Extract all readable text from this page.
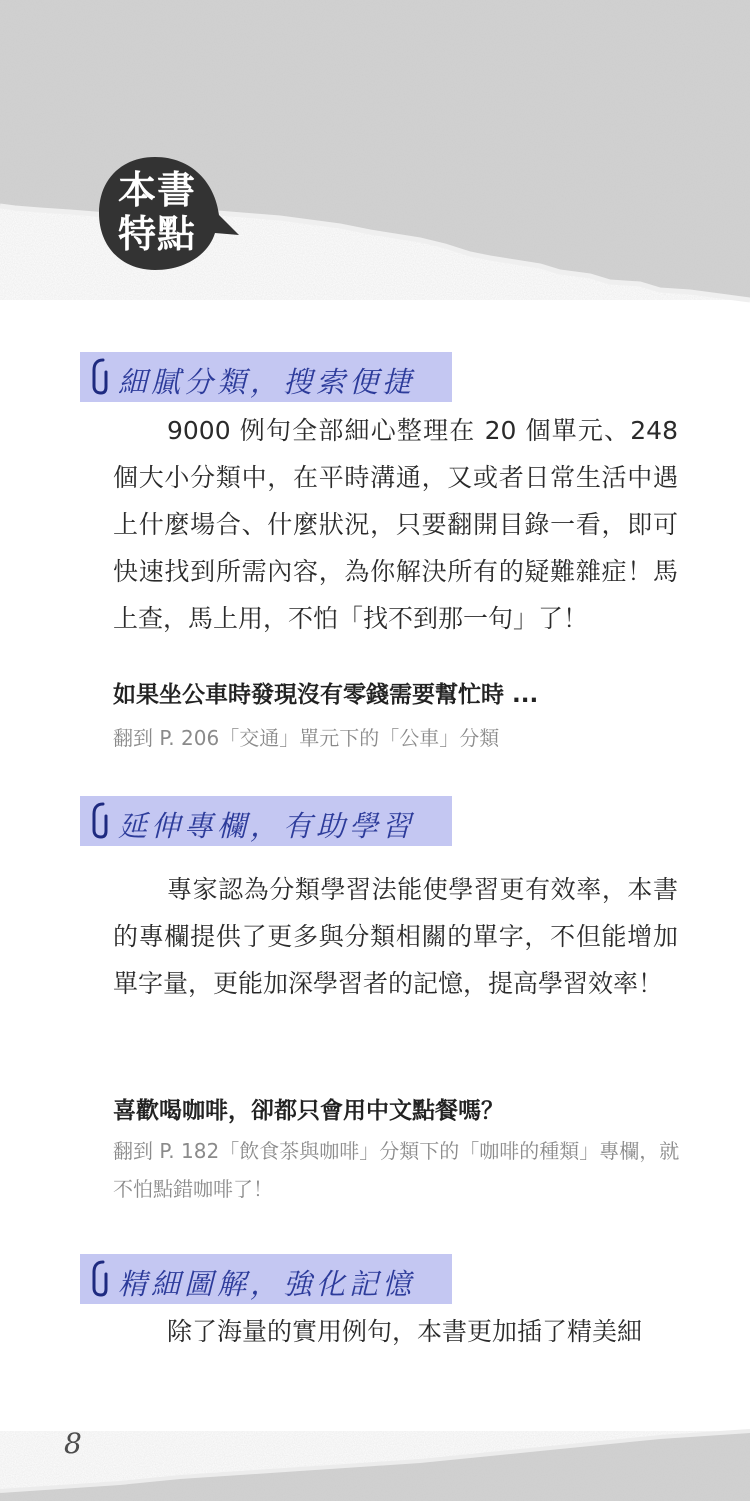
本書
特點
細膩分類，搜索便捷

9000 例句全部細心整理在 20 個單元、248 個大小分類中，在平時溝通，又或者日常生活中遇上什麼場合、什麼狀況，只要翻開目錄一看，即可快速找到所需內容，為你解決所有的疑難雜症！馬上查，馬上用，不怕「找不到那一句」了！

如果坐公車時發現沒有零錢需要幫忙時 ...
翻到 P. 206「交通」單元下的「公車」分類
延伸專欄，有助學習

專家認為分類學習法能使學習更有效率，本書的專欄提供了更多與分類相關的單字，不但能增加單字量，更能加深學習者的記憶，提高學習效率！

喜歡喝咖啡，卻都只會用中文點餐嗎？
翻到 P. 182「飲食茶與咖啡」分類下的「咖啡的種類」專欄，就不怕點錯咖啡了！
精細圖解，強化記憶

除了海量的實用例句，本書更加插了精美細

8
